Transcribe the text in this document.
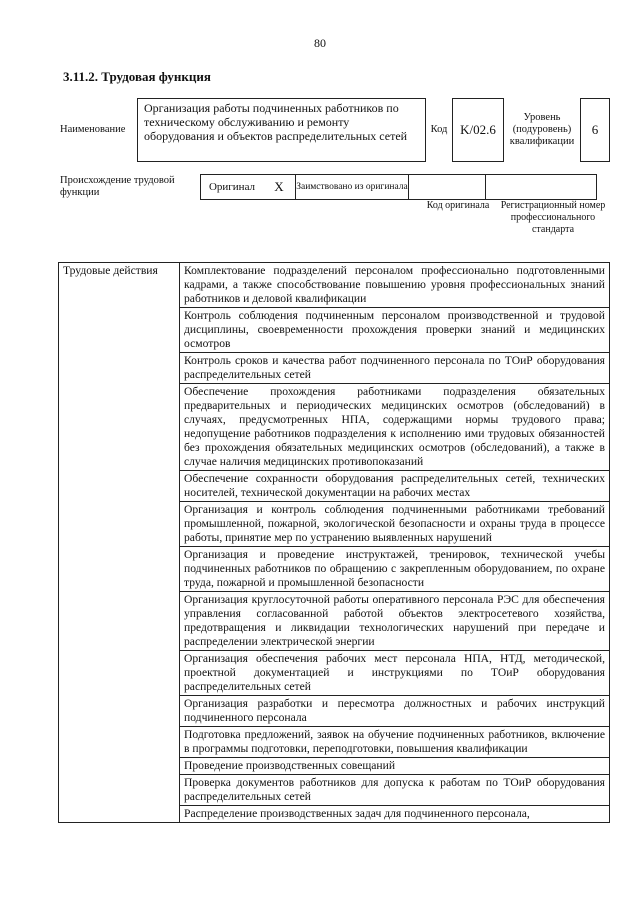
80
3.11.2. Трудовая функция
Наименование	Организация работы подчиненных работников по техническому обслуживанию и ремонту оборудования и объектов распределительных сетей	Код	K/02.6	Уровень (подуровень) квалификации	6
Происхождение трудовой функции	Оригинал	X	Заимствовано из оригинала		
Код оригинала	Регистрационный номер профессионального стандарта
Трудовые действия	Комплектование подразделений персоналом профессионально подготовленными кадрами, а также способствование повышению уровня профессиональных знаний работников и деловой квалификации
Контроль соблюдения подчиненным персоналом производственной и трудовой дисциплины, своевременности прохождения проверки знаний и медицинских осмотров
Контроль сроков и качества работ подчиненного персонала по ТОиР оборудования распределительных сетей
Обеспечение прохождения работниками подразделения обязательных предварительных и периодических медицинских осмотров (обследований) в случаях, предусмотренных НПА, содержащими нормы трудового права; недопущение работников подразделения к исполнению ими трудовых обязанностей без прохождения обязательных медицинских осмотров (обследований), а также в случае наличия медицинских противопоказаний
Обеспечение сохранности оборудования распределительных сетей, технических носителей, технической документации на рабочих местах
Организация и контроль соблюдения подчиненными работниками требований промышленной, пожарной, экологической безопасности и охраны труда в процессе работы, принятие мер по устранению выявленных нарушений
Организация и проведение инструктажей, тренировок, технической учебы подчиненных работников по обращению с закрепленным оборудованием, по охране труда, пожарной и промышленной безопасности
Организация круглосуточной работы оперативного персонала РЭС для обеспечения управления согласованной работой объектов электросетевого хозяйства, предотвращения и ликвидации технологических нарушений при передаче и распределении электрической энергии
Организация обеспечения рабочих мест персонала НПА, НТД, методической, проектной документацией и инструкциями по ТОиР оборудования распределительных сетей
Организация разработки и пересмотра должностных и рабочих инструкций подчиненного персонала
Подготовка предложений, заявок на обучение подчиненных работников, включение в программы подготовки, переподготовки, повышения квалификации
Проведение производственных совещаний
Проверка документов работников для допуска к работам по ТОиР оборудования распределительных сетей
Распределение производственных задач для подчиненного персонала,
